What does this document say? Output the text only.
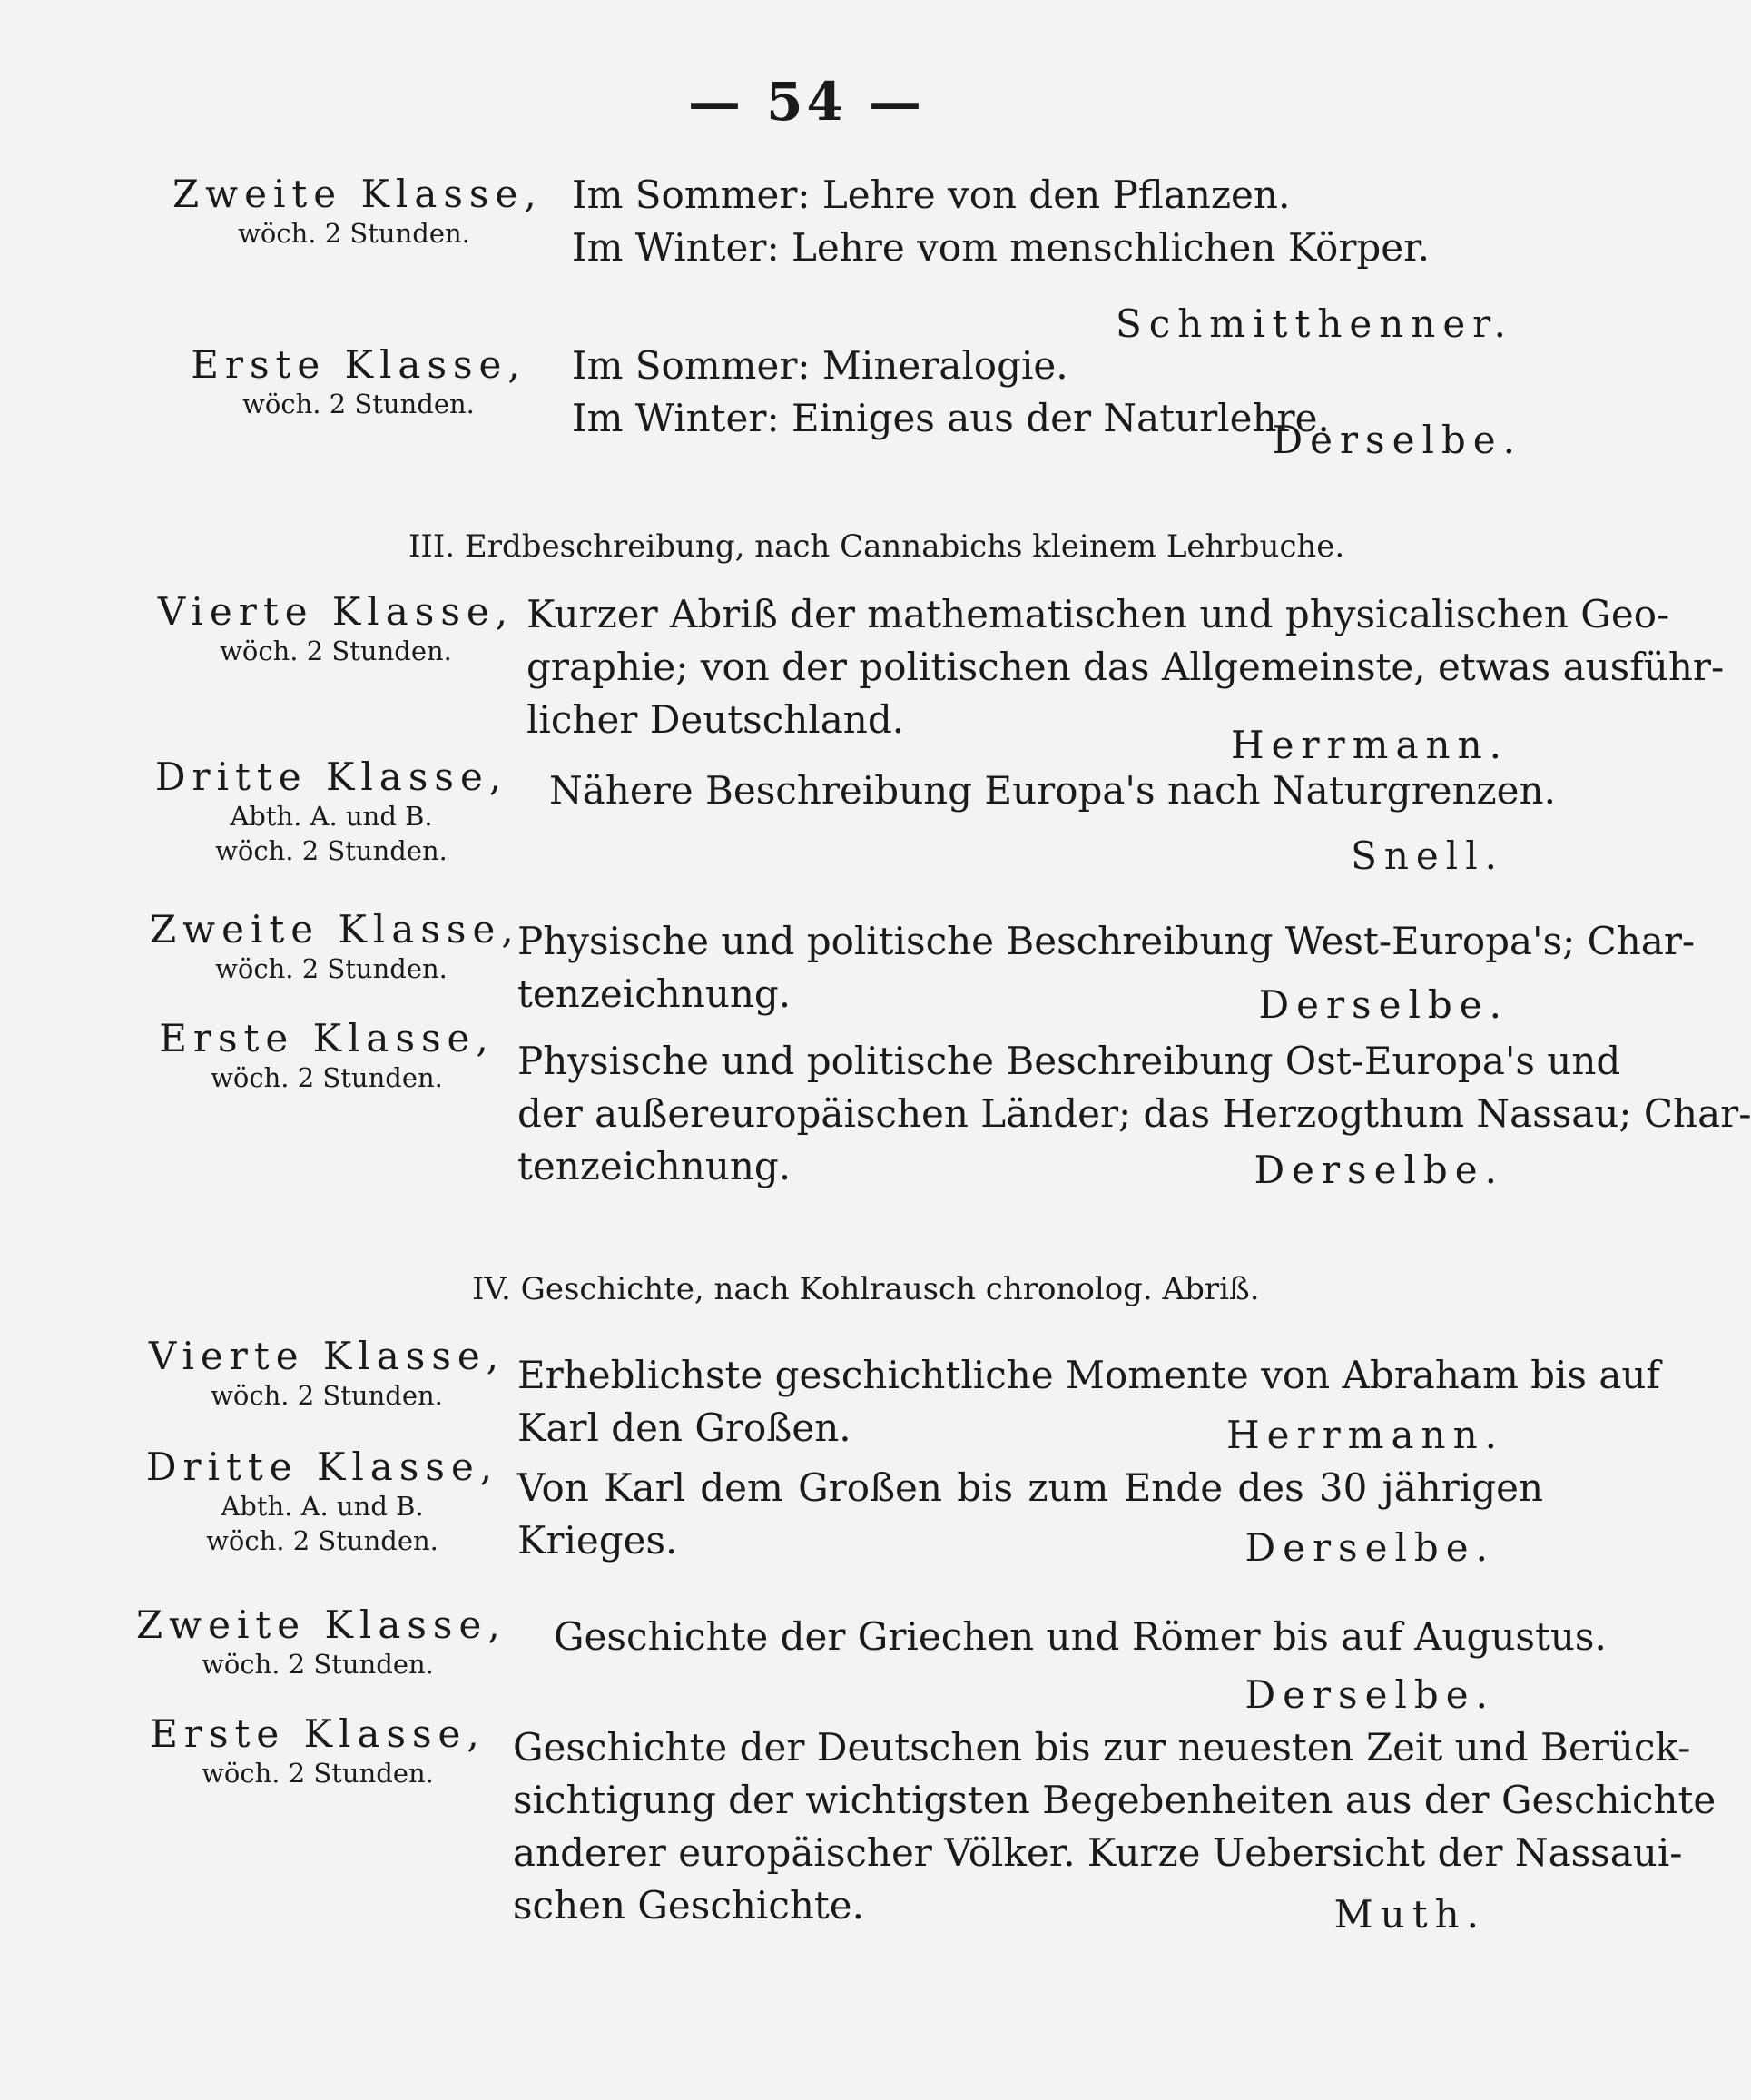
— 54 —
Zweite Klasse,
wöch. 2 Stunden.
Im Sommer: Lehre von den Pflanzen.
Im Winter: Lehre vom menschlichen Körper.
Schmitthenner.
Erste Klasse,
wöch. 2 Stunden.
Im Sommer: Mineralogie.
Im Winter: Einiges aus der Naturlehre.
Derselbe.
III. Erdbeschreibung, nach Cannabichs kleinem Lehrbuche.
Vierte Klasse,
wöch. 2 Stunden.
Kurzer Abriß der mathematischen und physicalischen Geo-
graphie; von der politischen das Allgemeinste, etwas ausführ-
licher Deutschland.
Herrmann.
Dritte Klasse,
Abth. A. und B.
wöch. 2 Stunden.
Nähere Beschreibung Europa's nach Naturgrenzen.
Snell.
Zweite Klasse,
wöch. 2 Stunden.
Physische und politische Beschreibung West-Europa's; Char-
tenzeichnung.	Derselbe.
Erste Klasse,
wöch. 2 Stunden.	Physische und politische Beschreibung Ost-Europa's und
der außereuropäischen Länder; das Herzogthum Nassau; Char-
tenzeichnung.	Derselbe.
IV. Geschichte, nach Kohlrausch chronolog. Abriß.
Vierte Klasse,
wöch. 2 Stunden.	Erheblichste geschichtliche Momente von Abraham bis auf
Karl den Großen.	Herrmann.
Dritte Klasse,
Abth. A. und B.
wöch. 2 Stunden.
Von Karl dem Großen bis zum Ende des 30 jährigen
Krieges.	Derselbe.
Zweite Klasse,
wöch. 2 Stunden.
Geschichte der Griechen und Römer bis auf Augustus.
Derselbe.
Erste Klasse,
wöch. 2 Stunden.
Geschichte der Deutschen bis zur neuesten Zeit und Berück-
sichtigung der wichtigsten Begebenheiten aus der Geschichte
anderer europäischer Völker. Kurze Uebersicht der Nassaui-
schen Geschichte.	Muth.
